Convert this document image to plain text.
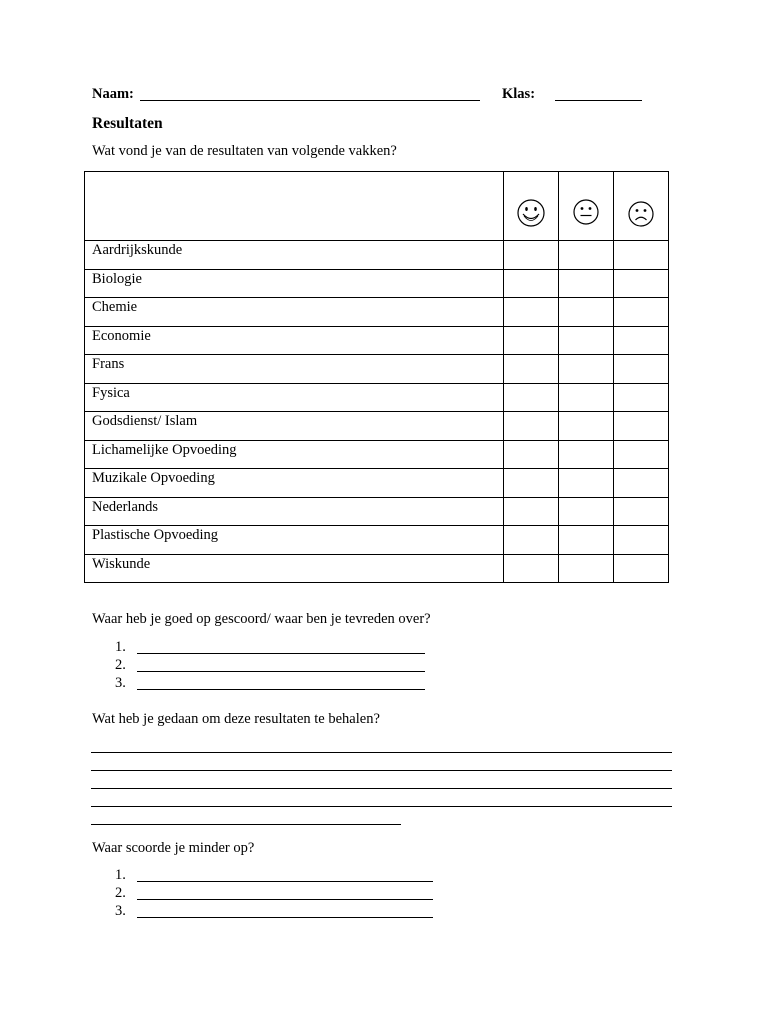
Naam:	Klas:
Resultaten
Wat vond je van de resultaten van volgende vakken?

Aardrijkskunde			

Biologie			

Chemie			

Economie			

Frans			

Fysica			

Godsdienst/ Islam			

Lichamelijke Opvoeding			

Muzikale Opvoeding			

Nederlands			

Plastische Opvoeding			

Wiskunde			

Waar heb je goed op gescoord/ waar ben je tevreden over?
1.
2.
3.
Wat heb je gedaan om deze resultaten te behalen?
Waar scoorde je minder op?
1.
2.
3.
